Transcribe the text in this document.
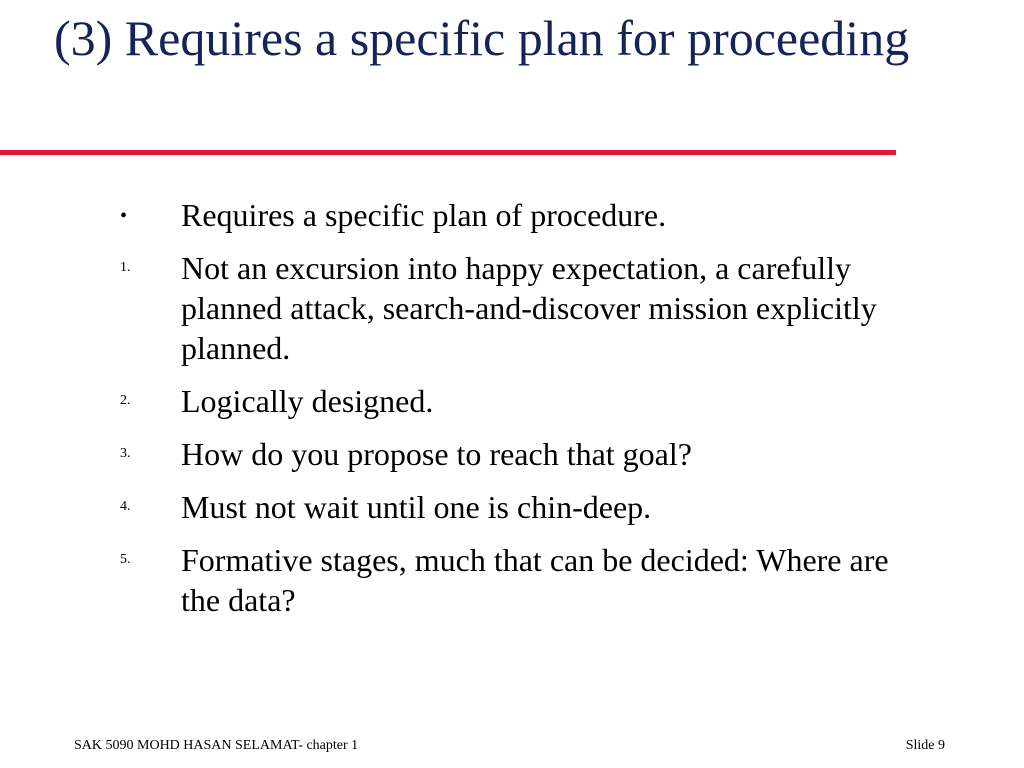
(3) Requires a specific plan for proceeding
•	Requires a specific plan of procedure.
1.	Not an excursion into happy expectation, a carefully planned attack, search-and-discover mission explicitly planned.
2.	Logically designed.
3.	How do you propose to reach that goal?
4.	Must not wait until one is chin-deep.
5.	Formative stages, much that can be decided: Where are the data?
SAK 5090 MOHD HASAN SELAMAT- chapter 1	Slide 9
